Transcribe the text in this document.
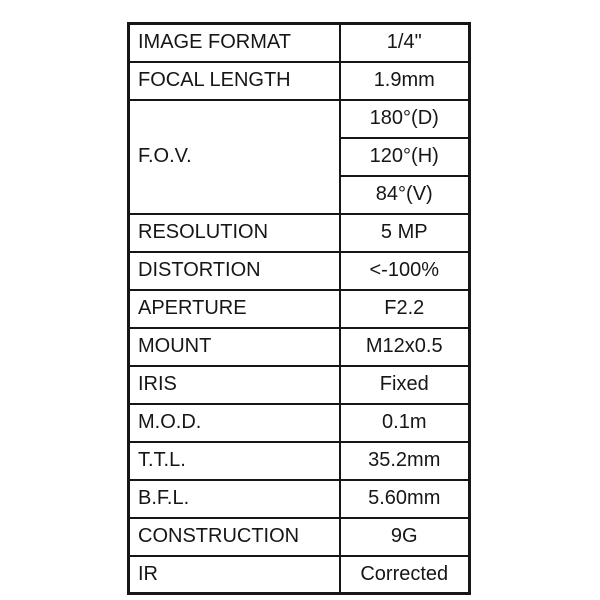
IMAGE FORMAT	1/4"
FOCAL LENGTH	1.9mm
F.O.V.	180°(D)
	120°(H)
	84°(V)
RESOLUTION	5 MP
DISTORTION	<-100%
APERTURE	F2.2
MOUNT	M12x0.5
IRIS	Fixed
M.O.D.	0.1m
T.T.L.	35.2mm
B.F.L.	5.60mm
CONSTRUCTION	9G
IR	Corrected
